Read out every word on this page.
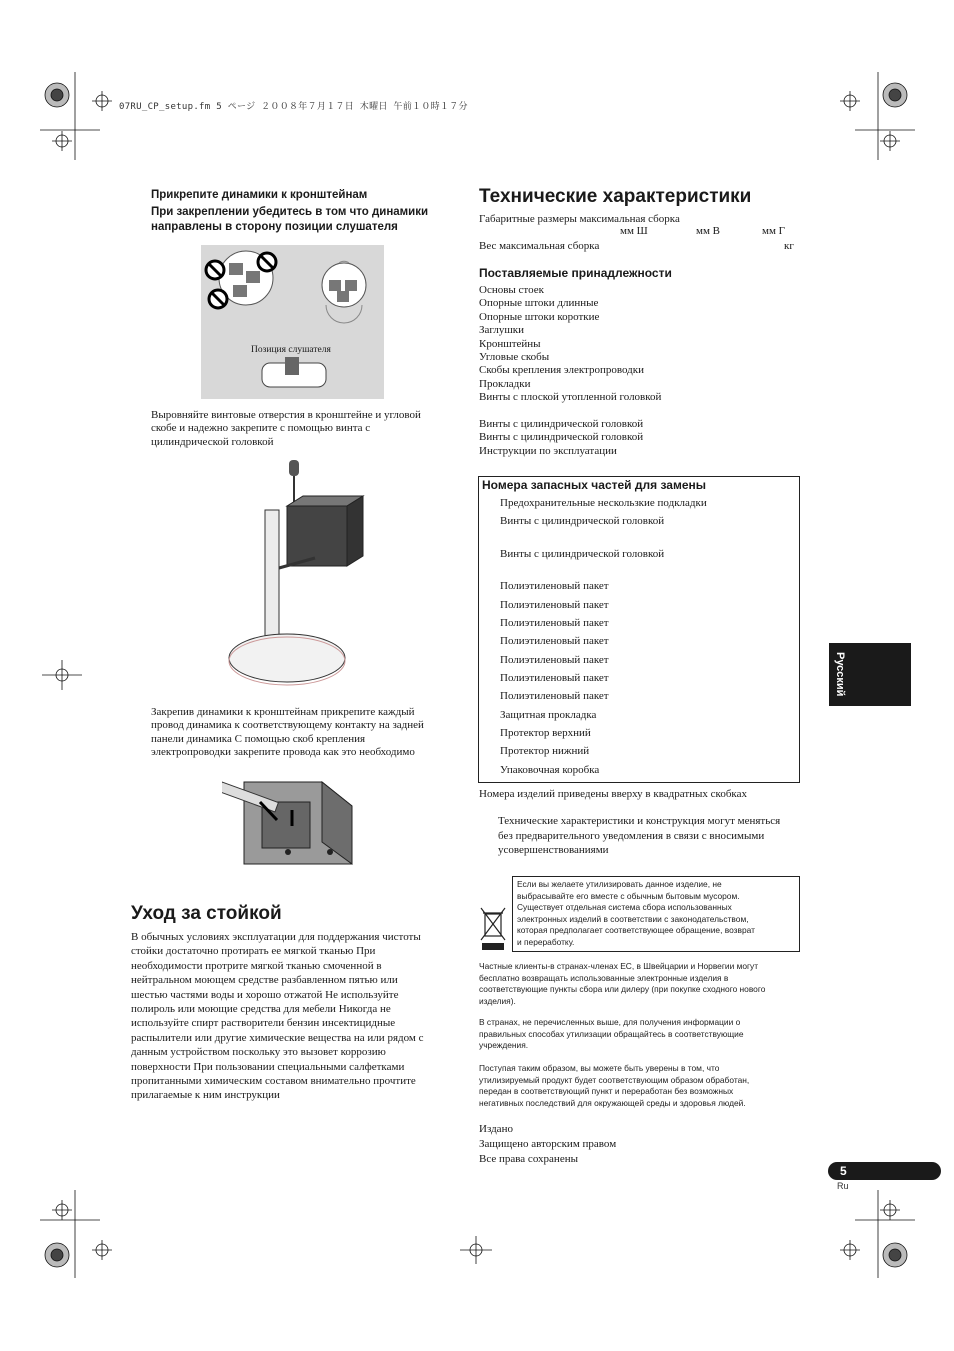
07RU_CP_setup.fm 5 ページ ２００８年７月１７日 木曜日 午前１０時１７分
Прикрепите динамики к кронштейнам
При закреплении убедитесь в том что динамики
направлены в сторону позиции слушателя
Позиция слушателя
Выровняйте винтовые отверстия в кронштейне и угловой
скобе и надежно закрепите с помощью винта с
цилиндрической головкой
Закрепив динамики к кронштейнам прикрепите каждый
провод динамика к соответствующему контакту на задней
панели динамика С помощью скоб крепления
электропроводки закрепите провода как это необходимо
Уход за стойкой
В обычных условиях эксплуатации для поддержания чистоты
стойки достаточно протирать ее мягкой тканью При
необходимости протрите мягкой тканью смоченной в
нейтральном моющем средстве разбавленном пятью или
шестью частями воды и хорошо отжатой Не используйте
полироль или моющие средства для мебели Никогда не
используйте спирт растворители бензин инсектицидные
распылители или другие химические вещества на или рядом с
данным устройством поскольку это вызовет коррозию
поверхности При пользовании специальными салфетками
пропитанными химическим составом внимательно прочтите
прилагаемые к ним инструкции
Технические характеристики
Габаритные размеры максимальная сборка
мм Ш	мм В	мм Г
Вес максимальная сборка	кг
Поставляемые принадлежности
Основы стоек
Опорные штоки длинные
Опорные штоки короткие
Заглушки
Кронштейны
Угловые скобы
Скобы крепления электропроводки
Прокладки
Винты с плоской утопленной головкой
Винты с цилиндрической головкой
Винты с цилиндрической головкой
Инструкции по эксплуатации
Номера запасных частей для замены
Предохранительные нескользкие подкладки
Винты с цилиндрической головкой
Винты с цилиндрической головкой
Полиэтиленовый пакет
Полиэтиленовый пакет
Полиэтиленовый пакет
Полиэтиленовый пакет
Полиэтиленовый пакет
Полиэтиленовый пакет
Полиэтиленовый пакет
Защитная прокладка
Протектор верхний
Протектор нижний
Упаковочная коробка
Номера изделий приведены вверху в квадратных скобках
Технические характеристики и конструкция могут меняться
без предварительного уведомления в связи с вносимыми
усовершенствованиями
Если вы желаете утилизировать данное изделие, не
выбрасывайте его вместе с обычным бытовым мусором.
Существует отдельная система сбора использованных
электронных изделий в соответствии с законодательством,
которая предполагает соответствующее обращение, возврат
и переработку.
Частные клиенты-в странах-членах ЕС, в Швейцарии и Норвегии могут
бесплатно возвращать использованные электронные изделия в
соответствующие пункты сбора или дилеру (при покупке сходного нового
изделия).
В странах, не перечисленных выше, для получения информации о
правильных способах утилизации обращайтесь в соответствующие
учреждения.
Поступая таким образом, вы можете быть уверены в том, что
утилизируемый продукт будет соответствующим образом обработан,
передан в соответствующий пункт и переработан без возможных
негативных последствий для окружающей среды и здоровья людей.
Издано
Защищено авторским правом
Все права сохранены
Русский
5
Ru
